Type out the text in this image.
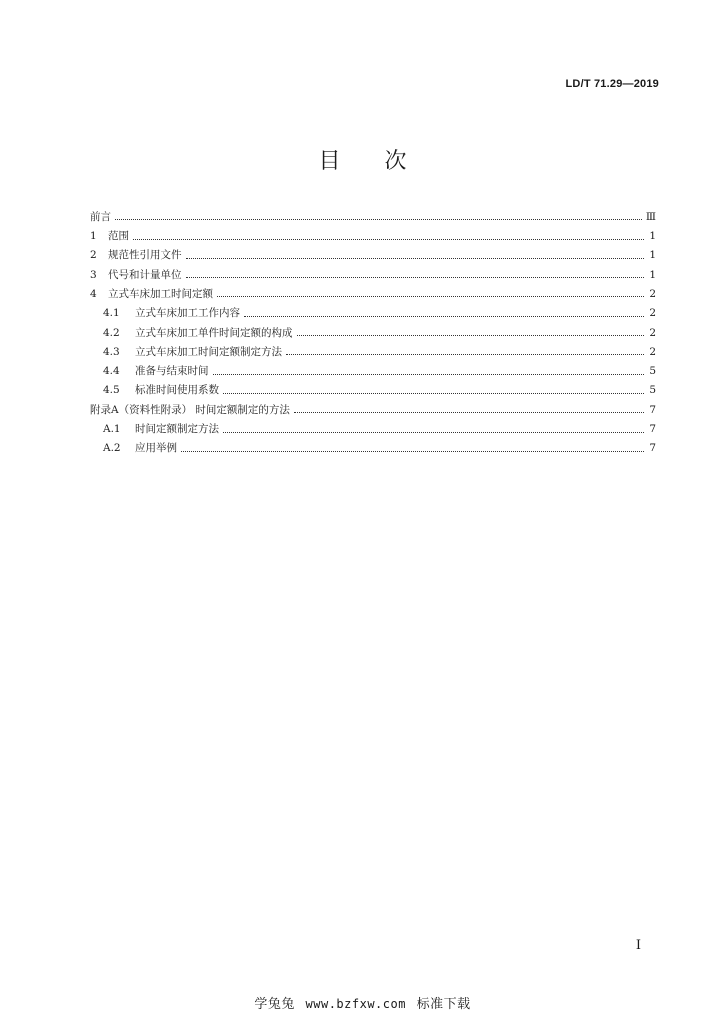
LD/T 71.29—2019
目次
前言	Ⅲ
1	范围	1
2	规范性引用文件	1
3	代号和计量单位	1
4	立式车床加工时间定额	2
4.1	立式车床加工工作内容	2
4.2	立式车床加工单件时间定额的构成	2
4.3	立式车床加工时间定额制定方法	2
4.4	准备与结束时间	5
4.5	标准时间使用系数	5
附录A（资料性附录） 时间定额制定的方法	7
A.1	时间定额制定方法	7
A.2	应用举例	7
I
学兔兔 www.bzfxw.com 标准下载
